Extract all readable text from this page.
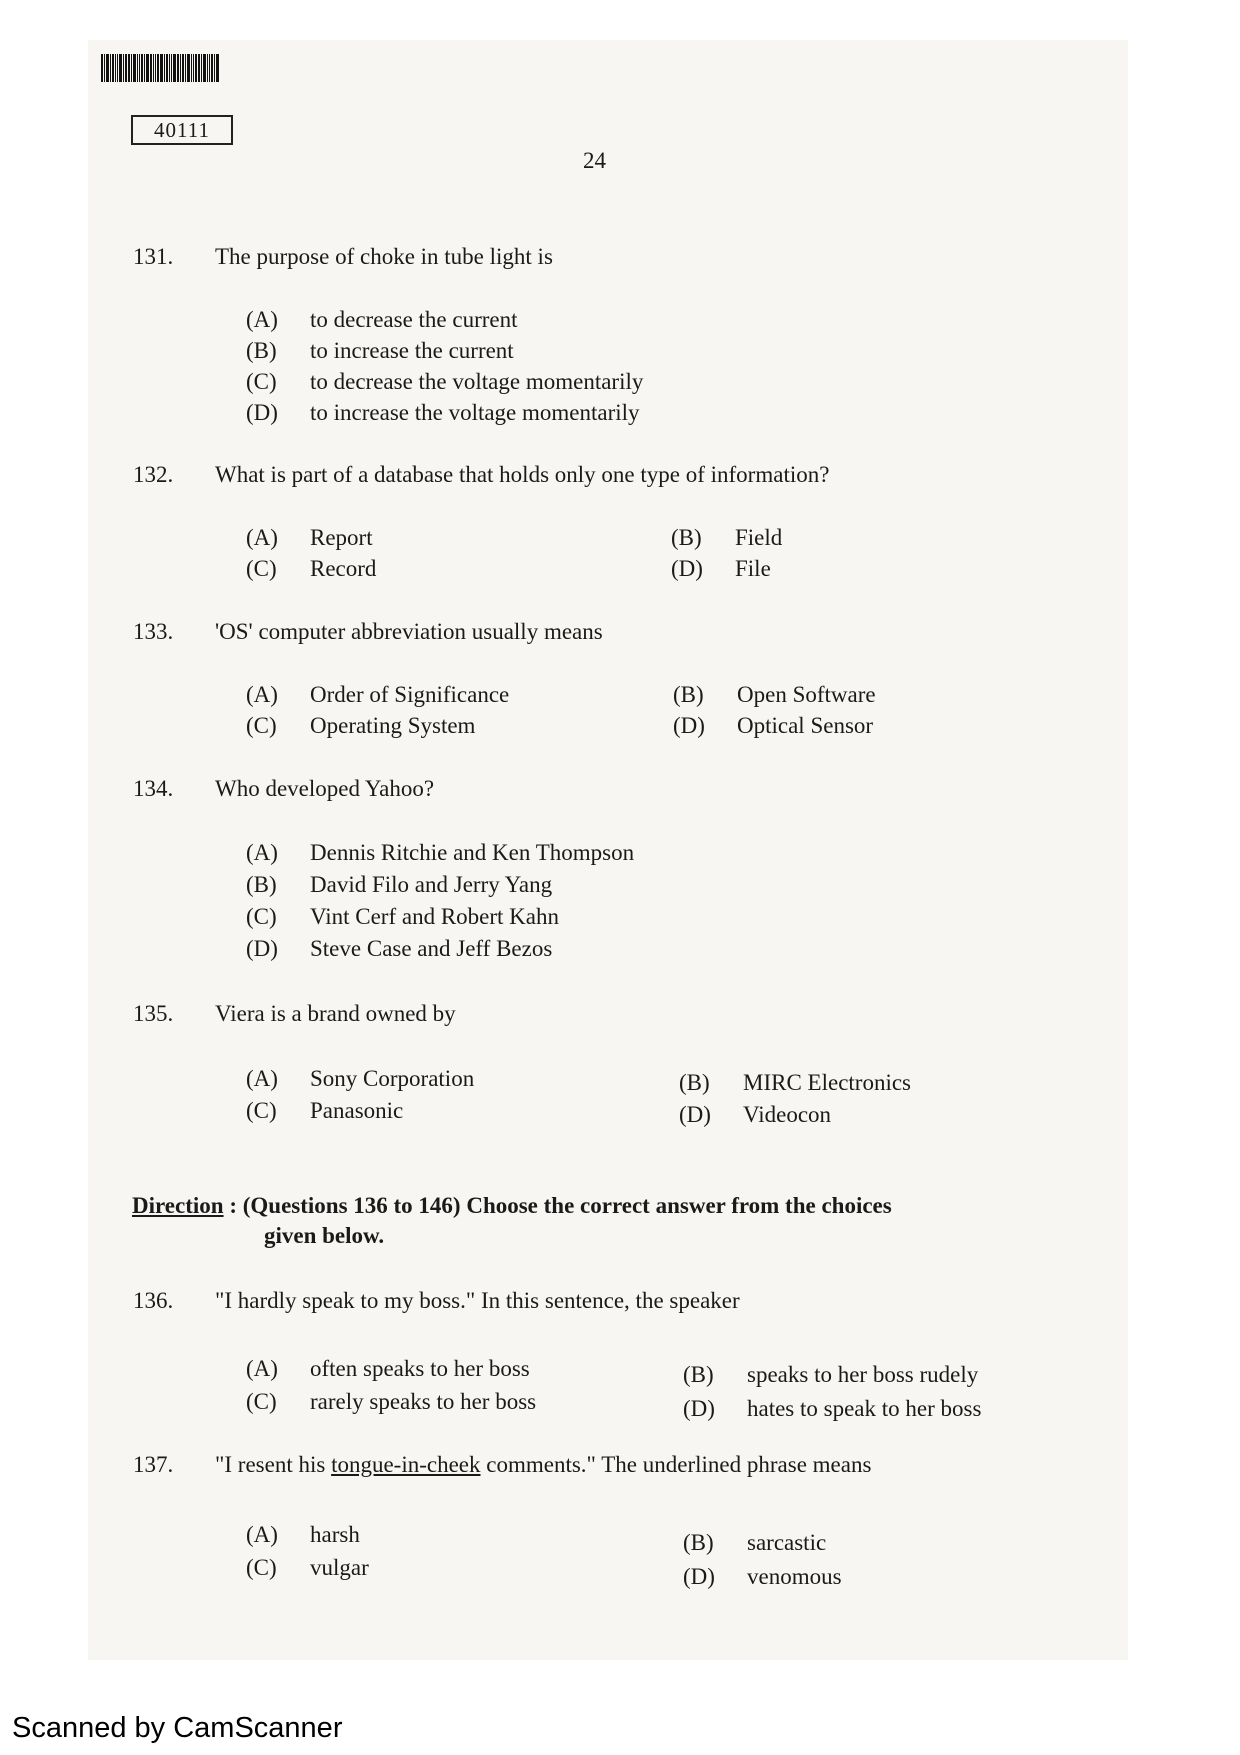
40111
24
131. The purpose of choke in tube light is
(A) to decrease the current
(B) to increase the current
(C) to decrease the voltage momentarily
(D) to increase the voltage momentarily
132. What is part of a database that holds only one type of information?
(A) Report	(B) Field
(C) Record	(D) File
133. 'OS' computer abbreviation usually means
(A) Order of Significance	(B) Open Software
(C) Operating System	(D) Optical Sensor
134. Who developed Yahoo?
(A) Dennis Ritchie and Ken Thompson
(B) David Filo and Jerry Yang
(C) Vint Cerf and Robert Kahn
(D) Steve Case and Jeff Bezos
135. Viera is a brand owned by
(A) Sony Corporation	(B) MIRC Electronics
(C) Panasonic	(D) Videocon
Direction : (Questions 136 to 146) Choose the correct answer from the choices
given below.
136. "I hardly speak to my boss." In this sentence, the speaker
(A) often speaks to her boss	(B) speaks to her boss rudely
(C) rarely speaks to her boss	(D) hates to speak to her boss
137. "I resent his tongue-in-cheek comments." The underlined phrase means
(A) harsh	(B) sarcastic
(C) vulgar	(D) venomous
Scanned by CamScanner
